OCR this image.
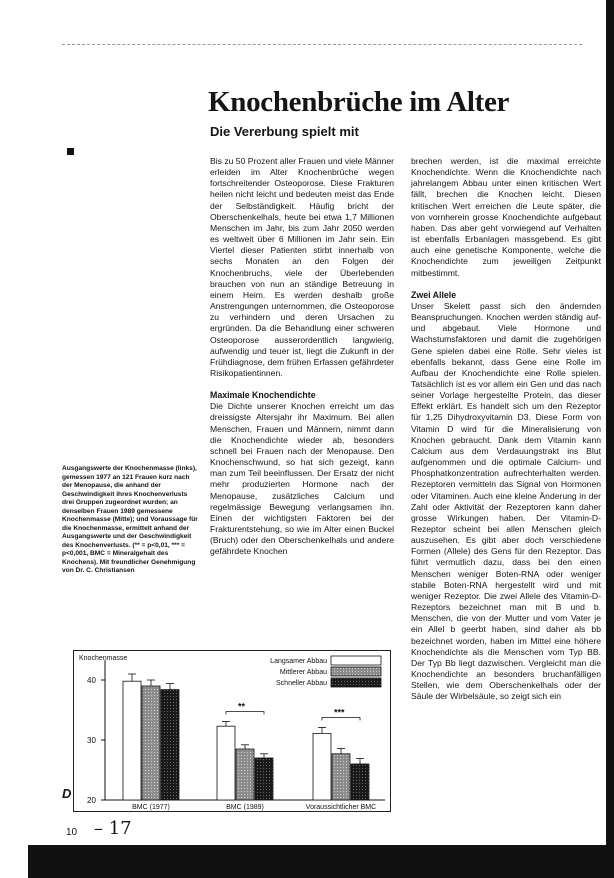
Knochenbrüche im Alter
Die Vererbung spielt mit

Bis zu 50 Prozent aller Frauen und viele Männer erleiden im Alter Knochenbrüche wegen fortschreitender Osteoporose. Diese Frakturen heilen nicht leicht und bedeuten meist das Ende der Selbständigkeit. Häufig bricht der Oberschenkelhals, heute bei etwa 1,7 Millionen Menschen im Jahr, bis zum Jahr 2050 werden es weltweit über 6 Millionen im Jahr sein. Ein Viertel dieser Patienten stirbt innerhalb von sechs Monaten an den Folgen der Knochenbruchs, viele der Überlebenden brauchen von nun an ständige Betreuung in einem Heim. Es werden deshalb große Anstrengungen unternommen, die Osteoporose zu verhindern und deren Ursachen zu ergründen. Da die Behandlung einer schweren Osteoporose ausserordentlich langwierig, aufwendig und teuer ist, liegt die Zukunft in der Frühdiagnose, dem frühen Erfassen gefährdeter Risikopatientinnen.

Maximale Knochendichte

Die Dichte unserer Knochen erreicht um das dreissigste Altersjahr ihr Maximum. Bei allen Menschen, Frauen und Männern, nimmt dann die Knochendichte wieder ab, besonders schnell bei Frauen nach der Menopause. Den Knochenschwund, so hat sich gezeigt, kann man zum Teil beeinflussen. Der Ersatz der nicht mehr produzierten Hormone nach der Menopause, zusätzliches Calcium und regelmässige Bewegung verlangsamen ihn. Einen der wichtigsten Faktoren bei der Frakturentstehung, so wie im Alter einen Buckel (Bruch) oder den Oberschenkelhals und andere gefährdete Knochen

brechen werden, ist die maximal erreichte Knochendichte. Wenn die Knochendichte nach jahrelangem Abbau unter einen kritischen Wert fällt, brechen die Knochen leicht. Diesen kritischen Wert erreichen die Leute später, die von vornherein grosse Knochendichte aufgebaut haben. Das aber geht vorwiegend auf Verhalten ist ebenfalls Erbanlagen massgebend. Es gibt auch eine genetische Komponente, welche die Knochendichte zum jeweiligen Zeitpunkt mitbestimmt.

Zwei Allele

Unser Skelett passt sich den ändernden Beanspruchungen. Knochen werden ständig auf- und abgebaut. Viele Hormone und Wachstumsfaktoren und damit die zugehörigen Gene spielen dabei eine Rolle. Sehr vieles ist ebenfalls bekannt, dass Gene eine Rolle im Aufbau der Knochendichte eine Rolle spielen. Tatsächlich ist es vor allem ein Gen und das nach seiner Vorlage hergestellte Protein, das dieser Effekt erklärt. Es handelt sich um den Rezeptor für 1,25 Dihydroxyvitamin D3. Diese Form von Vitamin D wird für die Mineralisierung von Knochen gebraucht. Dank dem Vitamin kann Calcium aus dem Verdauungstrakt ins Blut aufgenommen und die optimale Calcium- und Phosphatkonzentration aufrechterhalten werden. Rezeptoren vermitteln das Signal von Hormonen oder Vitaminen. Auch eine kleine Änderung in der Zahl oder Aktivität der Rezeptoren kann daher grosse Wirkungen haben. Der Vitamin-D-Rezeptor scheint bei allen Menschen gleich auszusehen. Es gibt aber doch verschiedene Formen (Allele) des Gens für den Rezeptor. Das führt vermutlich dazu, dass bei den einen Menschen weniger Boten-RNA oder weniger stabile Boten-RNA hergestellt wird und mit weniger Rezeptor. Die zwei Allele des Vitamin-D-Rezeptors bezeichnet man mit B und b. Menschen, die von der Mutter und vom Vater je ein Allel b geerbt haben, sind daher als bb bezeichnet worden, haben im Mittel eine höhere Knochendichte als die Menschen vom Typ BB. Der Typ Bb liegt dazwischen. Vergleicht man die Knochendichte an besonders bruchanfälligen Stellen, wie dem Oberschenkelhals oder der Säule der Wirbelsäule, so zeigt sich ein

Ausgangswerte der Knochenmasse (links), gemessen 1977 an 121 Frauen kurz nach der Menopause, die anhand der Geschwindigkeit ihres Knochenverlusts drei Gruppen zugeordnet wurden; an denselben Frauen 1989 gemessene Knochenmasse (Mitte); und Voraussage für die Knochenmasse, ermittelt anhand der Ausgangswerte und der Geschwindigkeit des Knochenverlusts. (** = p<0,01, *** = p<0,001, BMC = Mineralgehalt des Knochens). Mit freundlicher Genehmigung von Dr. C. Christiansen
Knochenmasse
20
30
40
BMC (1977)
**
BMC (1989)
***
Voraussichtlicher BMC
Langsamer Abbau
Mittlerer Abbau
Schneller Abbau
D
10 – 17
